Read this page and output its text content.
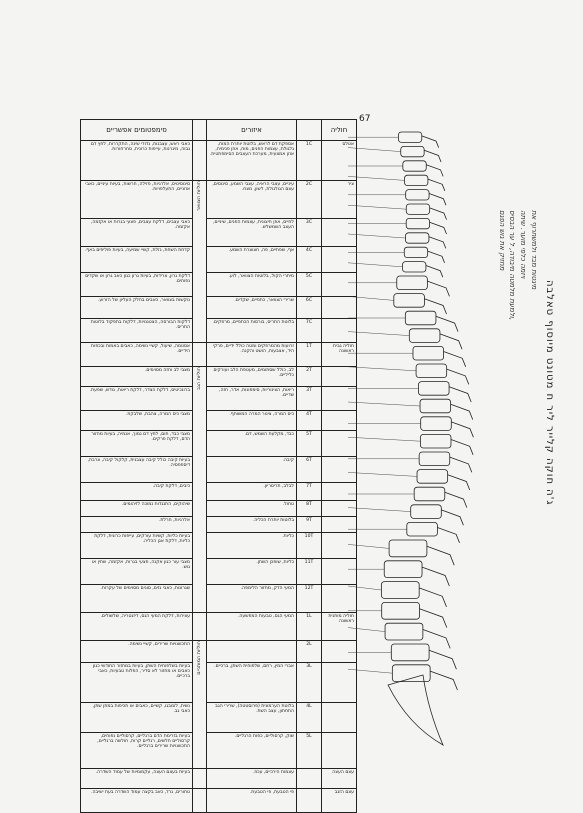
67
ג'ה חוקה קלייר ליר ח מטונט מיוסוף טאלבה
מחזיק את גוש הפגם ולמעת מלמטה מיבודה, ל ער הבסיס,
ויזמה כלפי מוער. שיתה מיגטות מבד ולמשחרוף את
חוליה		איזורים		סימפטומים אפשריים
אטלס	1C	אספקת דם לראש, בלוטת יותרת המוח, גלגולת, עצמות הפנים, מוח, אוזן פנימית, אוזן אמצעית, מערכת העצבים הסימפתטית.		כאבי ראש, עצבנות, נדודי שינה, התקררות, לחץ דם גבוה, מיגרנות, עייפות כרונית, סחרחורות.
ציר	2C	עיניים, עצבי הראיה, עצבי השמע, סינוסים, עצם הגולגולת, לשון, מצח.	חוליות הצוואר	סינוסיטיס, אלרגיות, פזילה, חרשות, בעיות עיניים, כאבי אוזניים, התעלפויות.
	3C	לחיים, אוזן חיצונית, עצמות הפנים, שיניים, העצב השמשלש.		כאבי עצבים, דלקת עצבים, פצעי בגרות או אקזמה, אקזמה.
	4C	אף, שפתיים, פה, חצוצרת השמע.		קדחת השחת, נזלת, קשיי שמיעה, בעיות פוליפים באף.
	5C	מיתרי הקול, בלוטות הצוואר, לוע.		דלקת גרון, צרידות, בעיות גרון כגון כאב גרון או שקדים נפוחים.
	6C	שרירי הצוואר, כתפיים, שקדים.		נוקשות בצוואר, כאבים בחלק העליון של הזרוע.
	7C	בלוטת התריס, בורסות הכתפיים, מרפקים.		דלקות הבורסה, הצטננויות, דלקות בתפקוד בלוטות התריס.
חוליה גבית ראשונה	1T	זרועות מהמרפקים ומטה כולל ידיים, פרקי היד, אצבעות, הושט והקנה.		אסטמה, שיעול, קשיי נשימה, כאבים באמות ובכפות הידיים.
	2T	לב, כולל שסתומים, מעטפת הלב ועורקים כליליים.	חוליות הגב	מצבי לב וחזה מסוימים.
	3T	ריאות, הצינוריות, סימפונות, אדר, חזה, שדיים.		ברונכיטיס, דלקת הצדר, דלקת ריאות, גודש, שפעת.
	4T	כיס המרה, צינור המרה המשותף.		מצבי כיס המרה, צהבת, שלבקת.
	5T	כבד, מקלעת השמש, דם.		מצבי כבד, חום, לחץ דם נמוך, אנמיה, בעיות מחזור הדם, דלקת פרקים.
	6T	קיבה.		בעיות קיבה כולל קיבה עצבנית, קלקול קיבה, צרבת, דיספפסיה.
	7T	לבלב, תריסריון.		כיבים, דלקת קיבה.
	8T	טחול.		שיהוקים, התנגדות נמוכה לזיהומים.
	9T	בלוטות יותרת הכליה.		אלרגיות, חרלת.
	10T	כליות.		בעיות כליות, קשיות עורקים, עייפות כרונית, דלקת כליות, דלקת אגן הכליה.
	11T	כליות, שופכן השתן.		מצבי עור כגון אקנה, פצעי בגרות, אקזמה, שחין או גוש.
	12T	המעי הדק, מחזור הלימפה.		שגרונות, כאבי גזים, סוגים מסוימים של עקרות.
חוליה מותנית ראשונה	1L	המעי הגס, טבעות המפשעה.		עצירות, דלקת המעי הגס, דיזנטריה, שלשולים.
	2L		חוליות המותניים	התכווצויות שרירים, קשיי נשימה.
	3L	אברי המין, רחם, שלפוחית השתן, ברכיים.		בעיות בשלפוחית השתן, בעיות במחזור החודשי כגון כאבים או מחזור לא סדיר, הפלות טבעיות, כאבי ברכיים.
	4L	בלוטת הערמונית (פרוסטטה), שרירי הגב התחתון, עצב השת.		נשית, לומבגו, קשיים, כאבים או תכיפות במתן שתן, כאבי גב.
	5L	שוק, קרסוליים, כפות הרגליים.		בעיות בזרימת הדם ברגליים, קרסוליים נפוחים, קרסוליים חלשים, רגליים קרות, חולשה ברגליים, התכווצויות שרירים ברגליים.
עצם העצה		עצמות הירכיים, עכוז.		בעיות בעצם העצה, עקמומיות של עמוד השדרה.
עצם הזנב		פי הטבעת, פי הטבעת.		טחורים, גרד, כאב בקצה עמוד השדרה בעת ישיבה.
